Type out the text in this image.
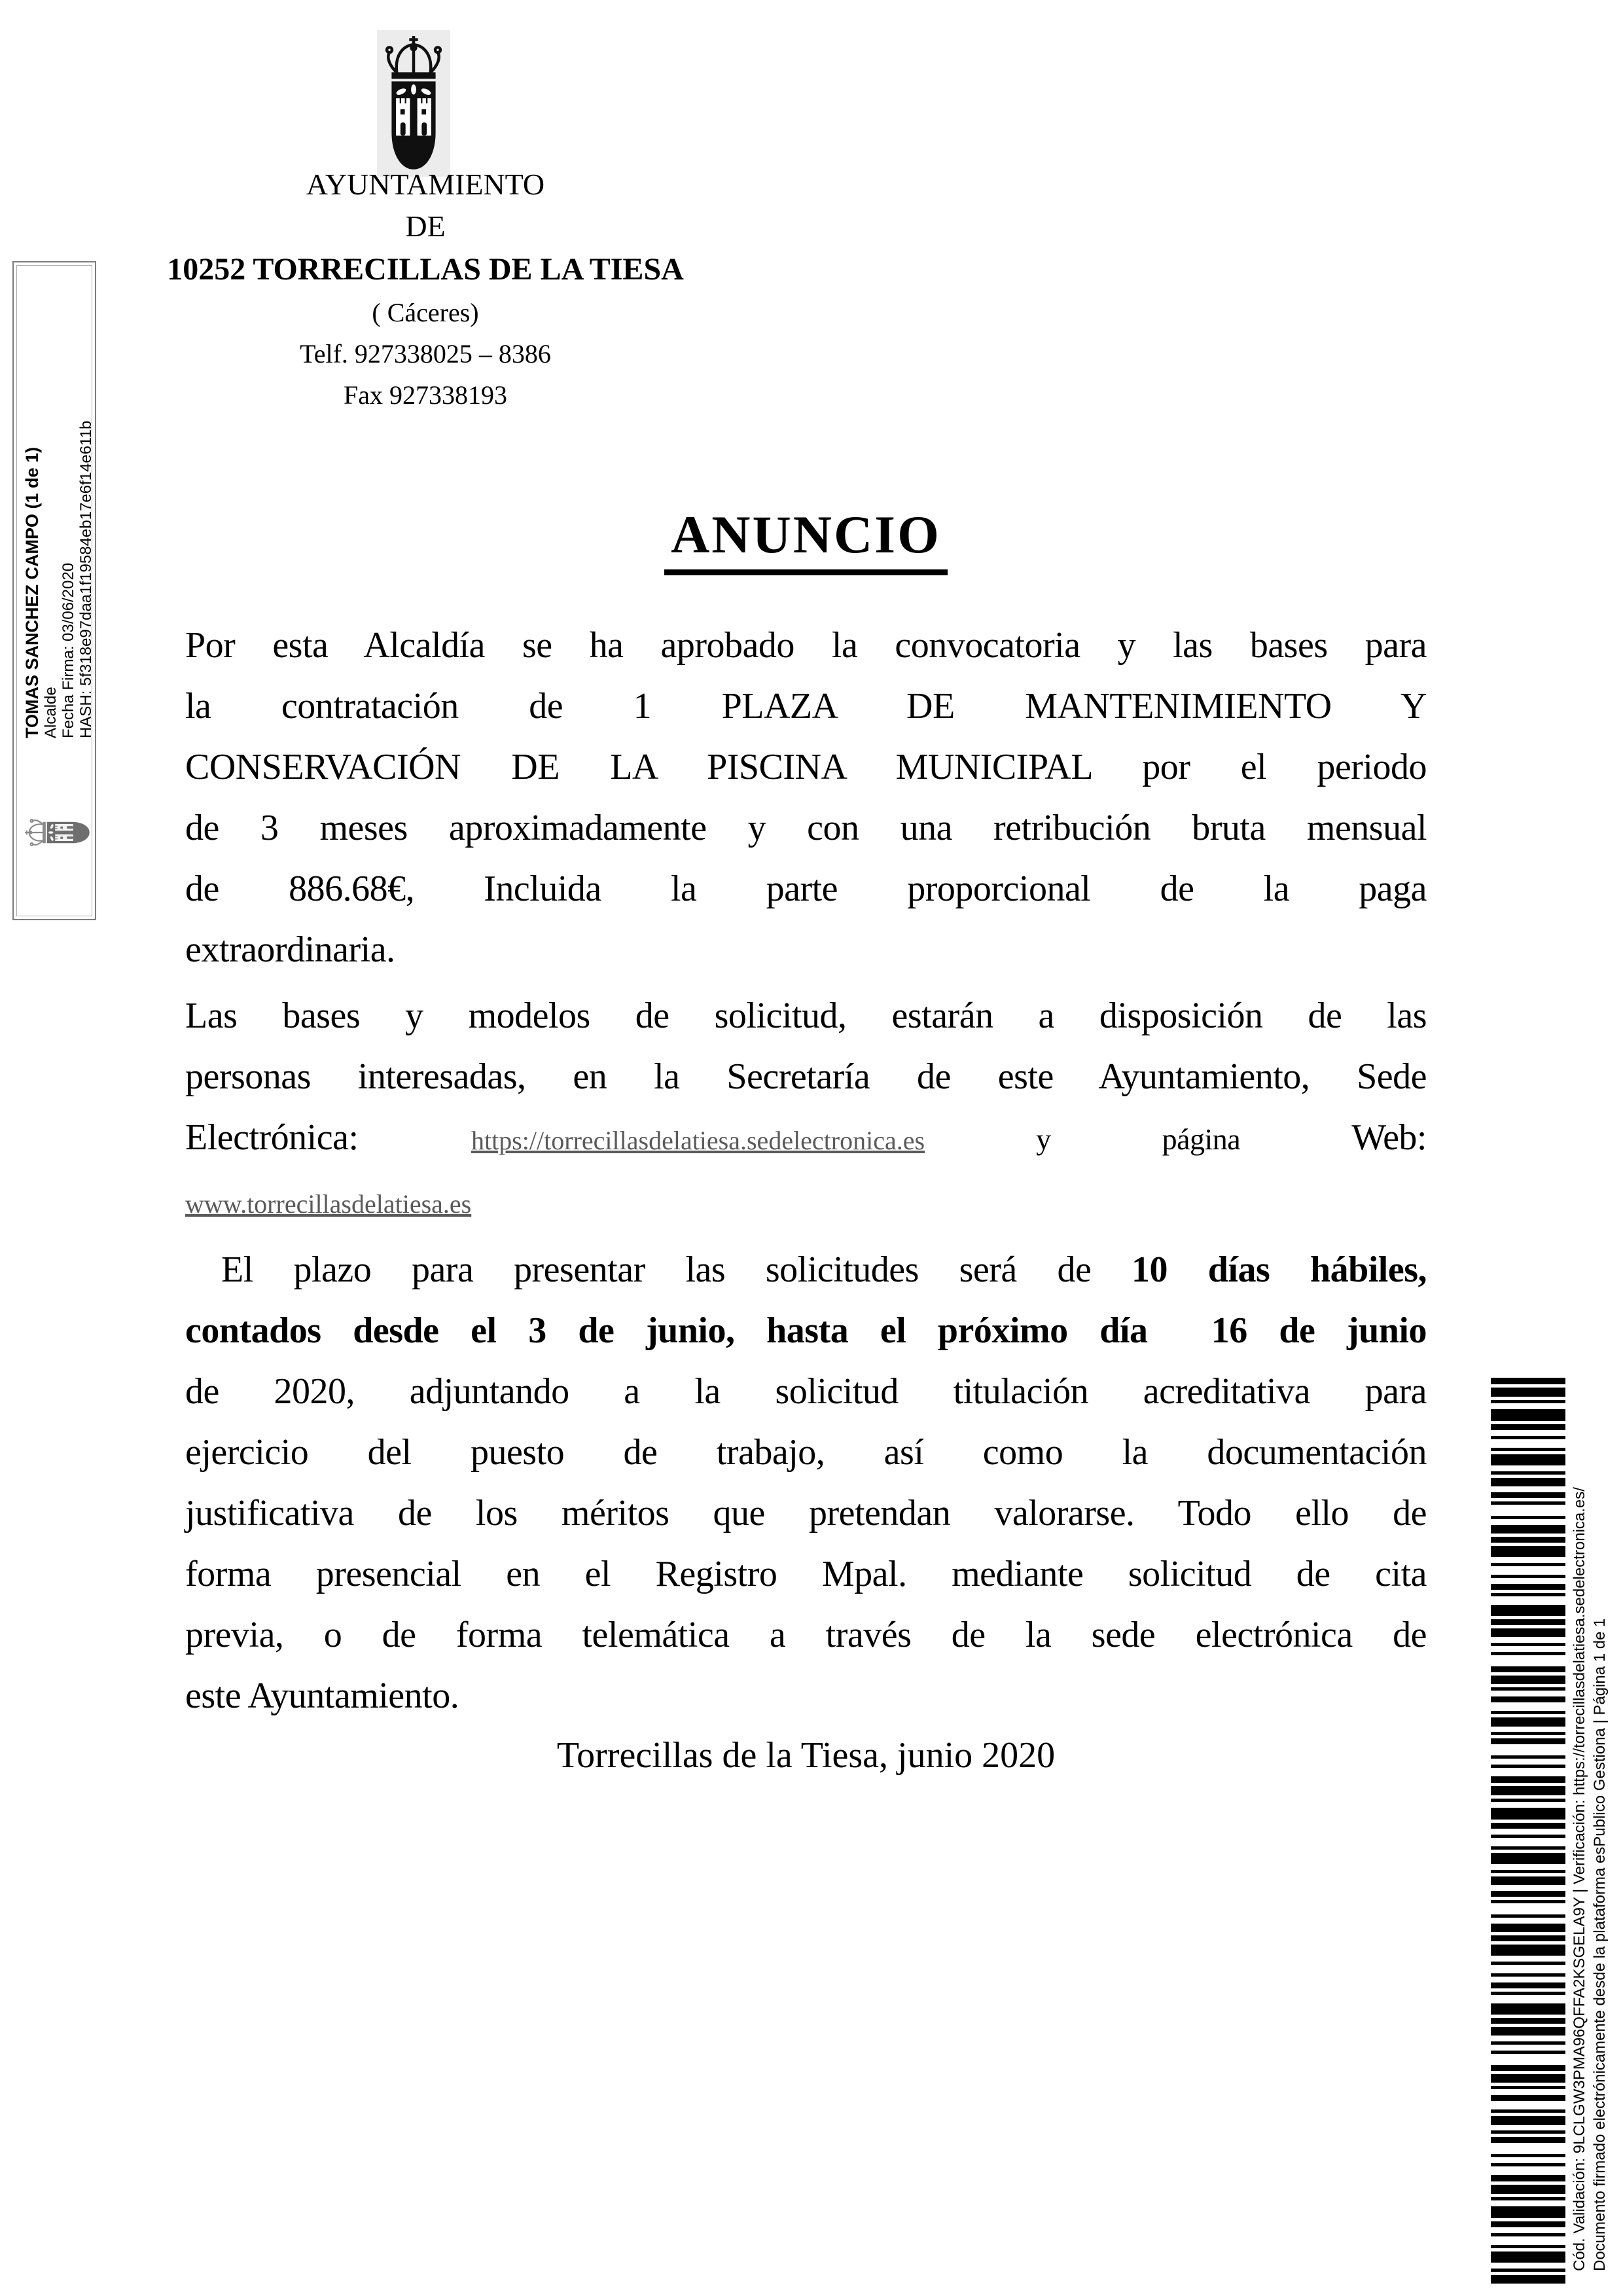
AYUNTAMIENTO
DE
10252 TORRECILLAS DE LA TIESA
( Cáceres)
Telf. 927338025 – 8386
Fax 927338193
TOMAS SANCHEZ CAMPO (1 de 1) Alcalde Fecha Firma: 03/06/2020 HASH: 5f318e97daa1f19584eb17e6f14e611b	ANUNCIO
Por esta Alcaldía se ha aprobado la convocatoria y las bases para
la contratación de 1 PLAZA DE MANTENIMIENTO Y
CONSERVACIÓN DE LA PISCINA MUNICIPAL por el periodo
de 3 meses aproximadamente y con una retribución bruta mensual
de 886.68€, Incluida la parte proporcional de la paga
extraordinaria.
Las bases y modelos de solicitud, estarán a disposición de las
personas interesadas, en la Secretaría de este Ayuntamiento, Sede
Electrónica: https://torrecillasdelatiesa.sedelectronica.es y página Web:
www.torrecillasdelatiesa.es
El plazo para presentar las solicitudes será de 10 días hábiles,
contados desde el 3 de junio, hasta el próximo día  16 de junio
de 2020, adjuntando a la solicitud titulación acreditativa para
ejercicio del puesto de trabajo, así como la documentación
justificativa de los méritos que pretendan valorarse. Todo ello de
forma presencial en el Registro Mpal. mediante solicitud de cita
previa, o de forma telemática a través de la sede electrónica de
este Ayuntamiento.
Torrecillas de la Tiesa, junio 2020	Cód. Validación: 9LCLGW3PMA96QFFA2KSGELA9Y | Verificación: https://torrecillasdelatiesa.sedelectronica.es/ Documento firmado electrónicamente desde la plataforma esPublico Gestiona | Página 1 de 1
